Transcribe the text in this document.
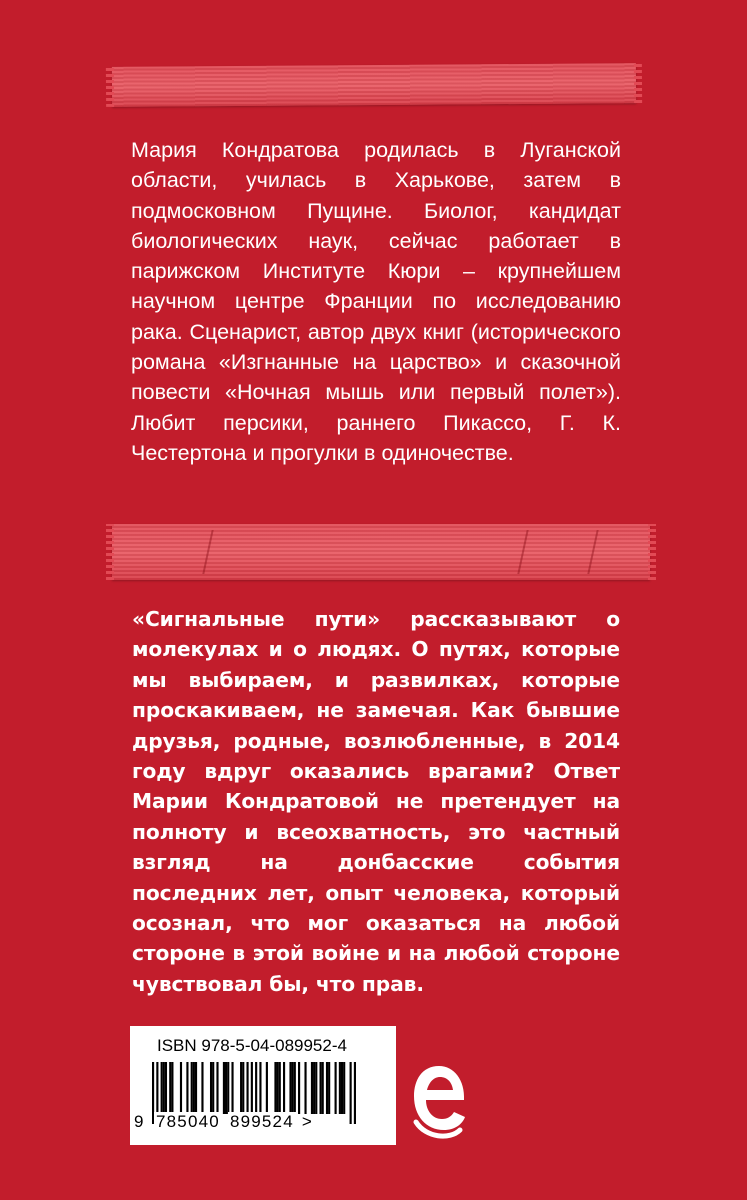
Мария Кондратова родилась в Луганской области, училась в Харькове, затем в подмосковном Пущине. Биолог, кандидат биологических наук, сейчас работает в парижском Институте Кюри – крупнейшем научном центре Франции по исследованию рака. Сценарист, автор двух книг (исторического романа «Изгнанные на царство» и сказочной повести «Ночная мышь или первый полет»). Любит персики, раннего Пикассо, Г. К. Честертона и прогулки в одиночестве.
«Сигнальные пути» рассказывают о молекулах и о людях. О путях, которые мы выбираем, и развилках, которые проскакиваем, не замечая. Как бывшие друзья, родные, возлюбленные, в 2014 году вдруг оказались врагами? Ответ Марии Кондратовой не претендует на полноту и всеохватность, это частный взгляд на донбасские события последних лет, опыт человека, который осознал, что мог оказаться на любой стороне в этой войне и на любой стороне чувствовал бы, что прав.
ISBN 978-5-04-089952-4
9 785040 899524 >
